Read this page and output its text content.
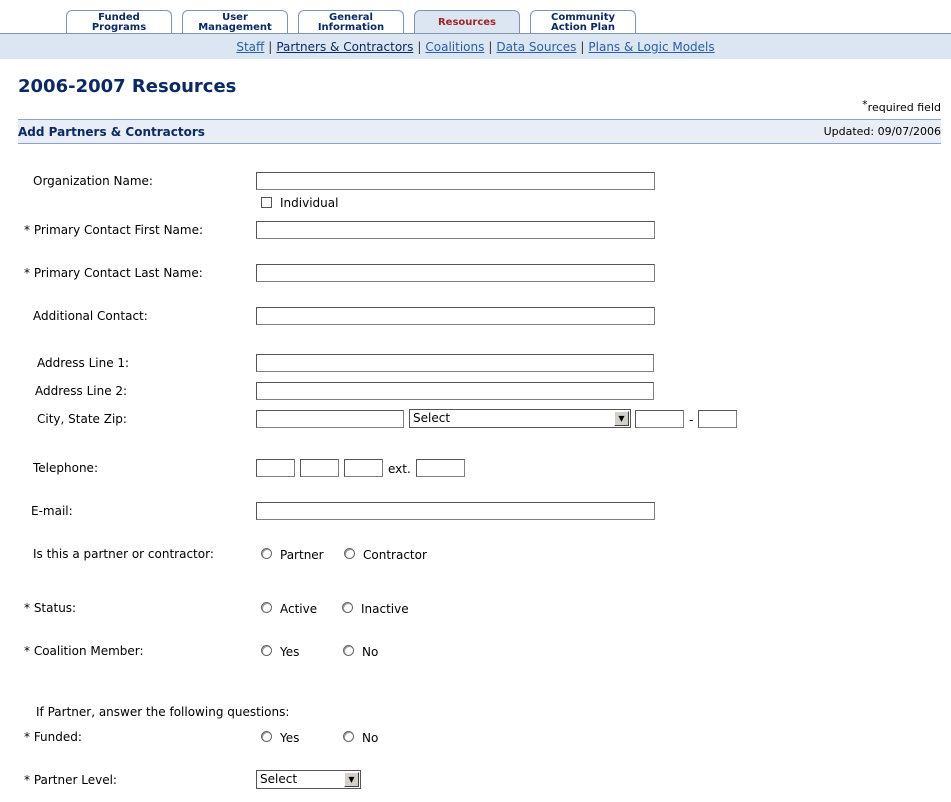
Funded
Programs
User
Management
General
Information	Resources	Community
Action Plan
Staff | Partners & Contractors | Coalitions | Data Sources | Plans & Logic Models
2006-2007 Resources
*required field
Add Partners & Contractors	Updated: 09/07/2006
Organization Name:
Individual
* Primary Contact First Name:
* Primary Contact Last Name:
Additional Contact:
Address Line 1:
Address Line 2:
City, State Zip:	Select	▼	-
Telephone:	ext.
E-mail:
Is this a partner or contractor:	Partner	Contractor
* Status:	Active	Inactive
* Coalition Member:	Yes	No
If Partner, answer the following questions:
* Funded:	Yes	No
* Partner Level:	Select	▼
